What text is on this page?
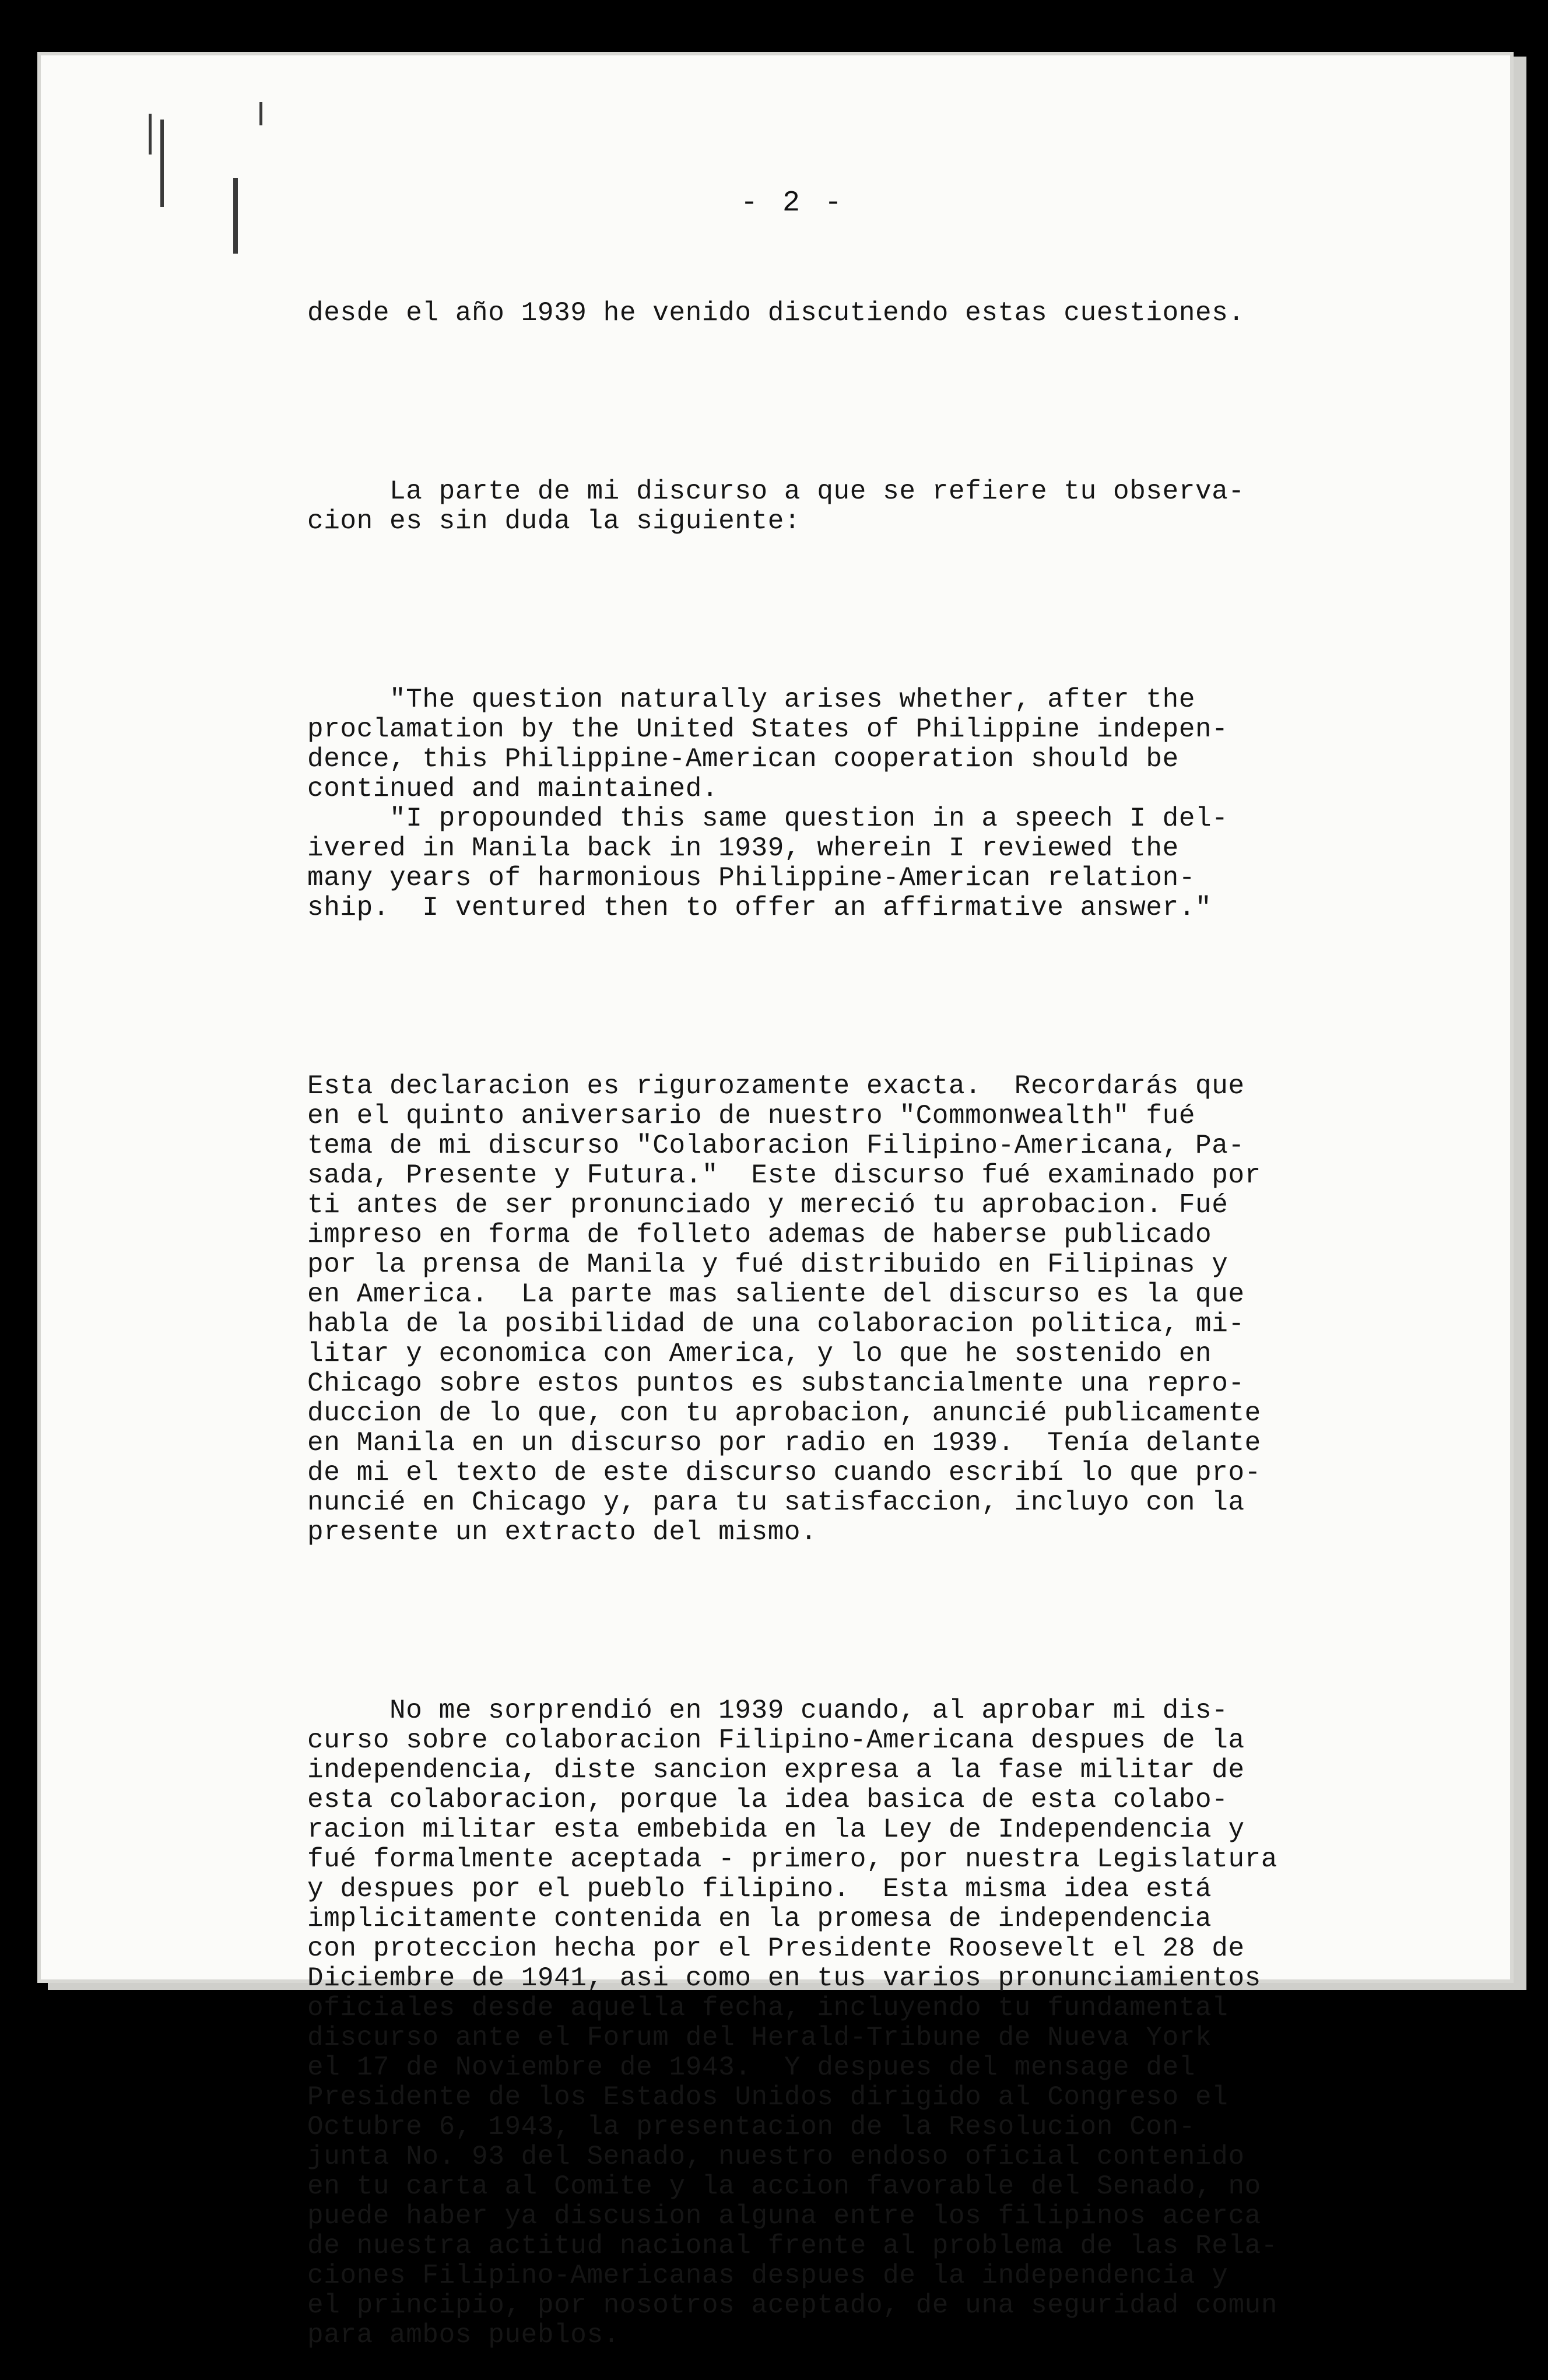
- 2 -

desde el año 1939 he venido discutiendo estas cuestiones.

La parte de mi discurso a que se refiere tu observa-
cion es sin duda la siguiente:

"The question naturally arises whether, after the
proclamation by the United States of Philippine indepen-
dence, this Philippine-American cooperation should be
continued and maintained.
"I propounded this same question in a speech I del-
ivered in Manila back in 1939, wherein I reviewed the
many years of harmonious Philippine-American relation-
ship.  I ventured then to offer an affirmative answer."

Esta declaracion es rigurozamente exacta.  Recordarás que
en el quinto aniversario de nuestro "Commonwealth" fué
tema de mi discurso "Colaboracion Filipino-Americana, Pa-
sada, Presente y Futura."  Este discurso fué examinado por
ti antes de ser pronunciado y mereció tu aprobacion. Fué
impreso en forma de folleto ademas de haberse publicado
por la prensa de Manila y fué distribuido en Filipinas y
en America.  La parte mas saliente del discurso es la que
habla de la posibilidad de una colaboracion politica, mi-
litar y economica con America, y lo que he sostenido en
Chicago sobre estos puntos es substancialmente una repro-
duccion de lo que, con tu aprobacion, anuncié publicamente
en Manila en un discurso por radio en 1939.  Tenía delante
de mi el texto de este discurso cuando escribí lo que pro-
nuncié en Chicago y, para tu satisfaccion, incluyo con la
presente un extracto del mismo.

No me sorprendió en 1939 cuando, al aprobar mi dis-
curso sobre colaboracion Filipino-Americana despues de la
independencia, diste sancion expresa a la fase militar de
esta colaboracion, porque la idea basica de esta colabo-
racion militar esta embebida en la Ley de Independencia y
fué formalmente aceptada - primero, por nuestra Legislatura
y despues por el pueblo filipino.  Esta misma idea está
implicitamente contenida en la promesa de independencia
con proteccion hecha por el Presidente Roosevelt el 28 de
Diciembre de 1941, asi como en tus varios pronunciamientos
oficiales desde aquella fecha, incluyendo tu fundamental
discurso ante el Forum del Herald-Tribune de Nueva York
el 17 de Noviembre de 1943.  Y despues del mensage del
Presidente de los Estados Unidos dirigido al Congreso el
Octubre 6, 1943, la presentacion de la Resolucion Con-
junta No. 93 del Senado, nuestro endoso oficial contenido
en tu carta al Comite y la accion favorable del Senado, no
puede haber ya discusion alguna entre los filipinos acerca
de nuestra actitud nacional frente al problema de las Rela-
ciones Filipino-Americanas despues de la independencia y
el principio, por nosotros aceptado, de una seguridad comun
para ambos pueblos.
